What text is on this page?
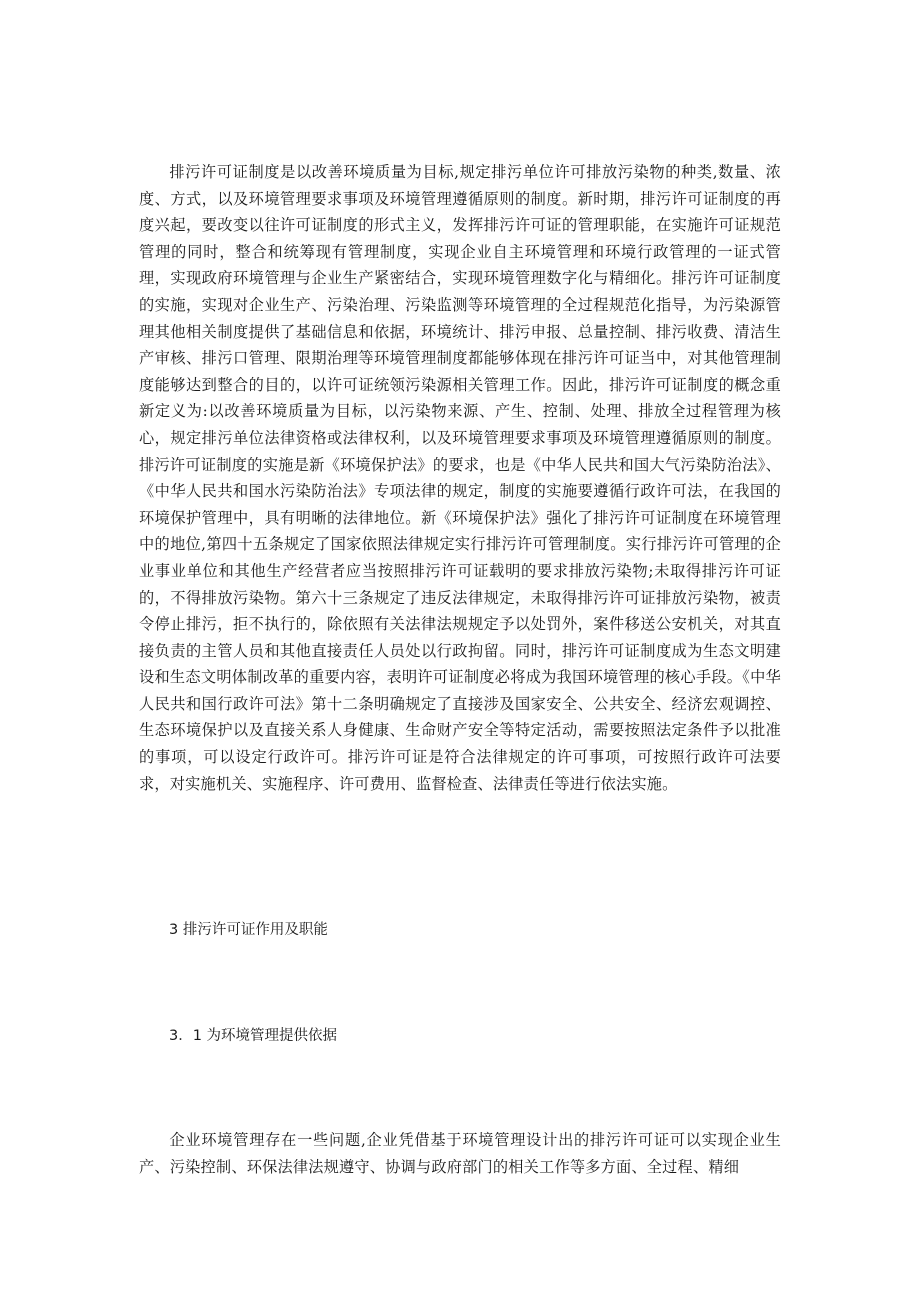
排污许可证制度是以改善环境质量为目标,规定排污单位许可排放污染物的种类,数量、浓度、方式，以及环境管理要求事项及环境管理遵循原则的制度。新时期，排污许可证制度的再度兴起，要改变以往许可证制度的形式主义，发挥排污许可证的管理职能，在实施许可证规范管理的同时，整合和统筹现有管理制度，实现企业自主环境管理和环境行政管理的一证式管理，实现政府环境管理与企业生产紧密结合，实现环境管理数字化与精细化。排污许可证制度的实施，实现对企业生产、污染治理、污染监测等环境管理的全过程规范化指导，为污染源管理其他相关制度提供了基础信息和依据，环境统计、排污申报、总量控制、排污收费、清洁生产审核、排污口管理、限期治理等环境管理制度都能够体现在排污许可证当中，对其他管理制度能够达到整合的目的，以许可证统领污染源相关管理工作。因此，排污许可证制度的概念重新定义为:以改善环境质量为目标，以污染物来源、产生、控制、处理、排放全过程管理为核心，规定排污单位法律资格或法律权利，以及环境管理要求事项及环境管理遵循原则的制度。排污许可证制度的实施是新《环境保护法》的要求，也是《中华人民共和国大气污染防治法》、《中华人民共和国水污染防治法》专项法律的规定，制度的实施要遵循行政许可法，在我国的环境保护管理中，具有明晰的法律地位。新《环境保护法》强化了排污许可证制度在环境管理中的地位,第四十五条规定了国家依照法律规定实行排污许可管理制度。实行排污许可管理的企业事业单位和其他生产经营者应当按照排污许可证载明的要求排放污染物;未取得排污许可证的，不得排放污染物。第六十三条规定了违反法律规定，未取得排污许可证排放污染物，被责令停止排污，拒不执行的，除依照有关法律法规规定予以处罚外，案件移送公安机关，对其直接负责的主管人员和其他直接责任人员处以行政拘留。同时，排污许可证制度成为生态文明建设和生态文明体制改革的重要内容，表明许可证制度必将成为我国环境管理的核心手段。《中华人民共和国行政许可法》第十二条明确规定了直接涉及国家安全、公共安全、经济宏观调控、生态环境保护以及直接关系人身健康、生命财产安全等特定活动，需要按照法定条件予以批准的事项，可以设定行政许可。排污许可证是符合法律规定的许可事项，可按照行政许可法要求，对实施机关、实施程序、许可费用、监督检查、法律责任等进行依法实施。

3 排污许可证作用及职能
3．1 为环境管理提供依据

企业环境管理存在一些问题,企业凭借基于环境管理设计出的排污许可证可以实现企业生产、污染控制、环保法律法规遵守、协调与政府部门的相关工作等多方面、全过程、精细
